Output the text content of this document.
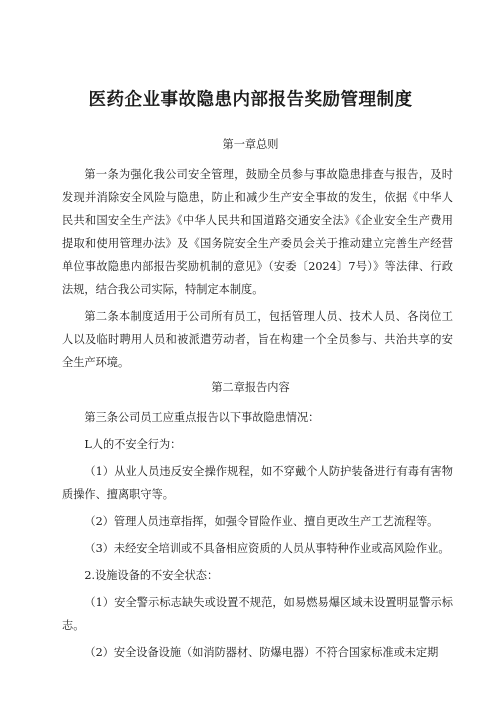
医药企业事故隐患内部报告奖励管理制度
第一章总则

第一条为强化我公司安全管理，鼓励全员参与事故隐患排查与报告，及时发现并消除安全风险与隐患，防止和减少生产安全事故的发生，依据《中华人民共和国安全生产法》《中华人民共和国道路交通安全法》《企业安全生产费用提取和使用管理办法》及《国务院安全生产委员会关于推动建立完善生产经营单位事故隐患内部报告奖励机制的意见》（安委〔2024〕7号）》等法律、行政法规，结合我公司实际，特制定本制度。

第二条本制度适用于公司所有员工，包括管理人员、技术人员、各岗位工人以及临时聘用人员和被派遣劳动者，旨在构建一个全员参与、共治共享的安全生产环境。

第二章报告内容

第三条公司员工应重点报告以下事故隐患情况：

L人的不安全行为：

（1）从业人员违反安全操作规程，如不穿戴个人防护装备进行有毒有害物质操作、擅离职守等。

（2）管理人员违章指挥，如强令冒险作业、擅自更改生产工艺流程等。

（3）未经安全培训或不具备相应资质的人员从事特种作业或高风险作业。

2.设施设备的不安全状态：

（1）安全警示标志缺失或设置不规范，如易燃易爆区域未设置明显警示标志。

（2）安全设备设施（如消防器材、防爆电器）不符合国家标准或未定期
